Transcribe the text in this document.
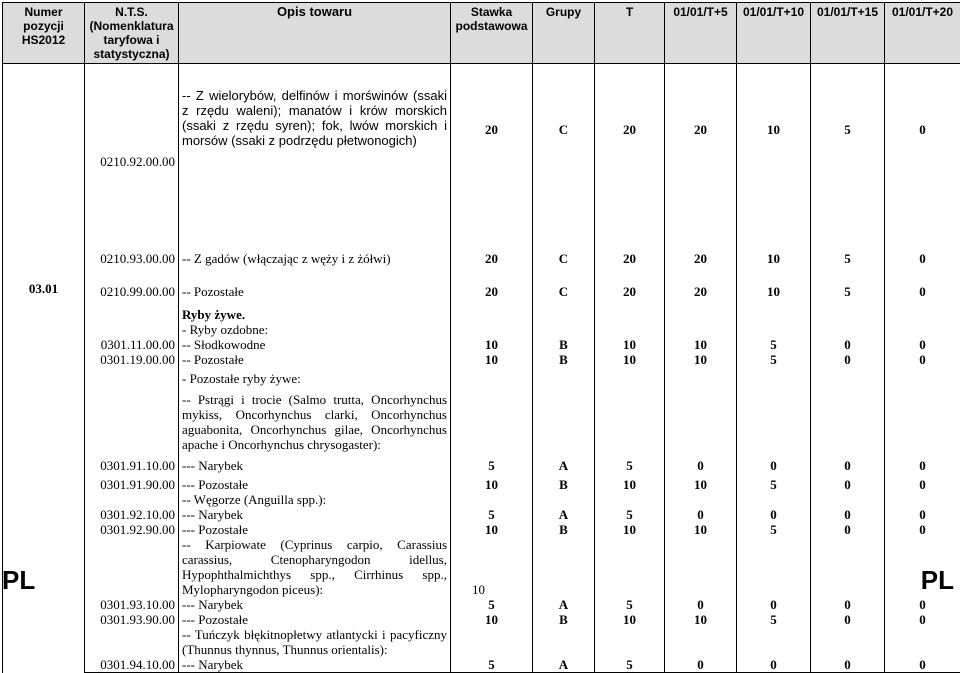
Numer pozycji HS2012	N.T.S. (Nomenklatura taryfowa i statystyczna)	Opis towaru	Stawka podstawowa	Grupy	T	01/01/T+5	01/01/T+10	01/01/T+15	01/01/T+20
	0210.92.00.00	-- Z wielorybów, delfinów i morświnów (ssaki z rzędu waleni); manatów i krów morskich (ssaki z rzędu syren); fok, lwów morskich i morsów (ssaki z podrzędu płetwonogich)	20	C	20	20	10	5	0
	0210.93.00.00	-- Z gadów (włączając z węży i z żółwi)	20	C	20	20	10	5	0
03.01	0210.99.00.00	-- Pozostałe	20	C	20	20	10	5	0
		Ryby żywe.							
		- Ryby ozdobne:							
	0301.11.00.00	-- Słodkowodne	10	B	10	10	5	0	0
	0301.19.00.00	-- Pozostałe	10	B	10	10	5	0	0
		- Pozostałe ryby żywe:							
		-- Pstrągi i trocie (Salmo trutta, Oncorhynchus mykiss, Oncorhynchus clarki, Oncorhynchus aguabonita, Oncorhynchus gilae, Oncorhynchus apache i Oncorhynchus chrysogaster):							
	0301.91.10.00	--- Narybek	5	A	5	0	0	0	0
	0301.91.90.00	--- Pozostałe	10	B	10	10	5	0	0
		-- Węgorze (Anguilla spp.):							
	0301.92.10.00	--- Narybek	5	A	5	0	0	0	0
	0301.92.90.00	--- Pozostałe	10	B	10	10	5	0	0
		-- Karpiowate (Cyprinus carpio, Carassius carassius, Ctenopharyngodon idellus, Hypophthalmichthys spp., Cirrhinus spp., Mylopharyngodon piceus):							
	0301.93.10.00	--- Narybek	5	A	5	0	0	0	0
	0301.93.90.00	--- Pozostałe	10	B	10	10	5	0	0
		-- Tuńczyk błękitnopłetwy atlantycki i pacyficzny (Thunnus thynnus, Thunnus orientalis):							
	0301.94.10.00	--- Narybek	5	A	5	0	0	0	0
PL	10	PL
